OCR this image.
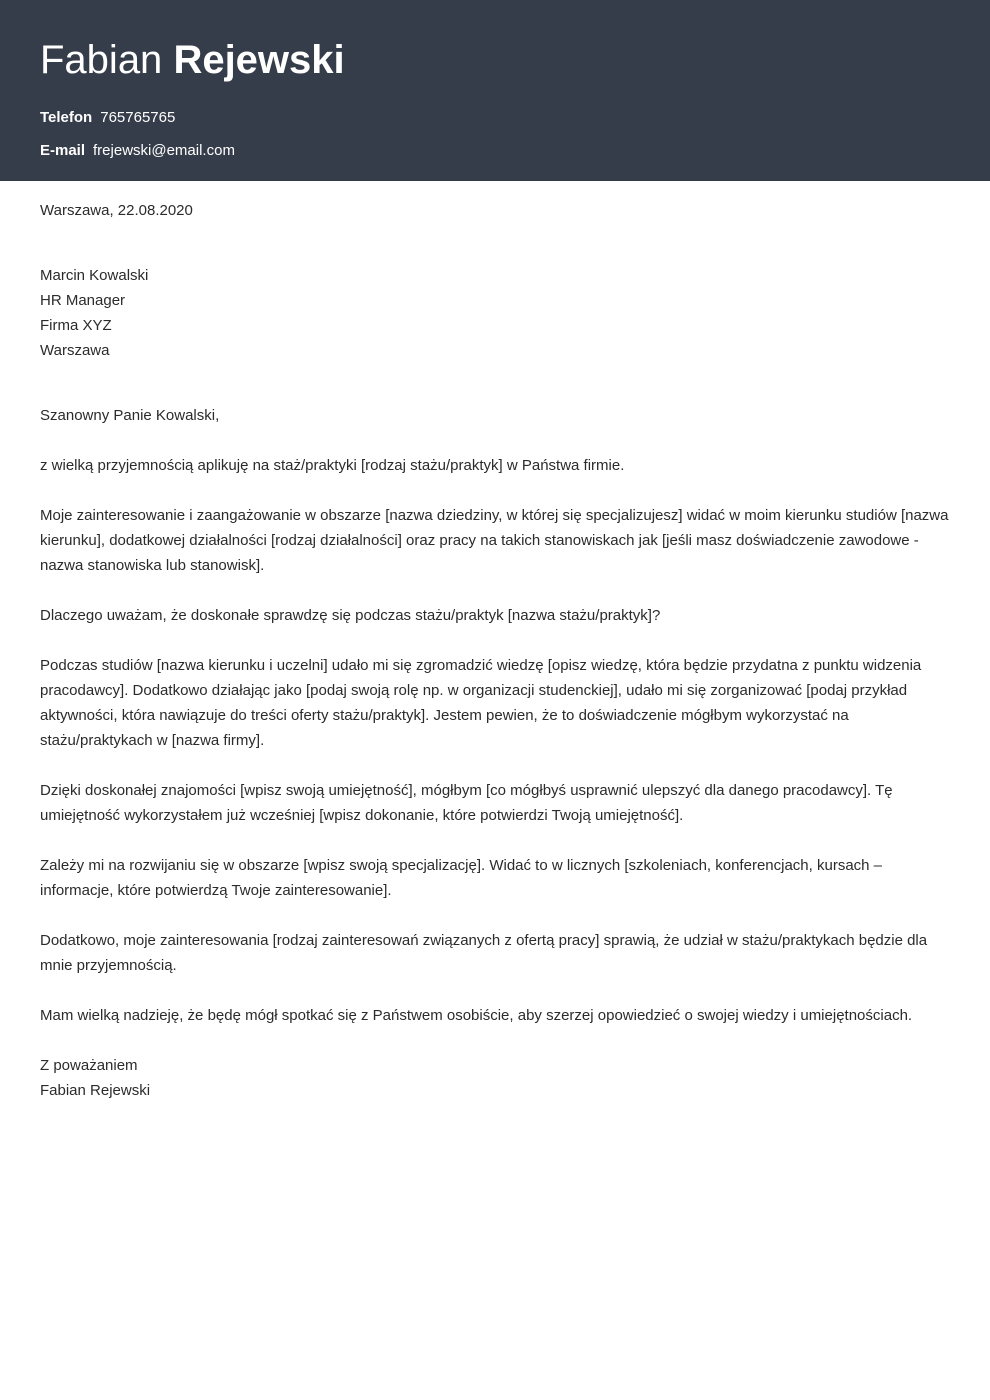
Fabian Rejewski
Telefon 765765765
E-mail frejewski@email.com
Warszawa, 22.08.2020
Marcin Kowalski
HR Manager
Firma XYZ
Warszawa
Szanowny Panie Kowalski,

z wielką przyjemnością aplikuję na staż/praktyki [rodzaj stażu/praktyk] w Państwa firmie.

Moje zainteresowanie i zaangażowanie w obszarze [nazwa dziedziny, w której się specjalizujesz] widać w moim kierunku studiów [nazwa kierunku], dodatkowej działalności [rodzaj działalności] oraz pracy na takich stanowiskach jak [jeśli masz doświadczenie zawodowe - nazwa stanowiska lub stanowisk].

Dlaczego uważam, że doskonałe sprawdzę się podczas stażu/praktyk [nazwa stażu/praktyk]?

Podczas studiów [nazwa kierunku i uczelni] udało mi się zgromadzić wiedzę [opisz wiedzę, która będzie przydatna z punktu widzenia pracodawcy]. Dodatkowo działając jako [podaj swoją rolę np. w organizacji studenckiej], udało mi się zorganizować [podaj przykład aktywności, która nawiązuje do treści oferty stażu/praktyk]. Jestem pewien, że to doświadczenie mógłbym wykorzystać na stażu/praktykach w [nazwa firmy].

Dzięki doskonałej znajomości [wpisz swoją umiejętność], mógłbym [co mógłbyś usprawnić ulepszyć dla danego pracodawcy]. Tę umiejętność wykorzystałem już wcześniej [wpisz dokonanie, które potwierdzi Twoją umiejętność].

Zależy mi na rozwijaniu się w obszarze [wpisz swoją specjalizację]. Widać to w licznych [szkoleniach, konferencjach, kursach – informacje, które potwierdzą Twoje zainteresowanie].

Dodatkowo, moje zainteresowania [rodzaj zainteresowań związanych z ofertą pracy] sprawią, że udział w stażu/praktykach będzie dla mnie przyjemnością.

Mam wielką nadzieję, że będę mógł spotkać się z Państwem osobiście, aby szerzej opowiedzieć o swojej wiedzy i umiejętnościach.

Z poważaniem
Fabian Rejewski
